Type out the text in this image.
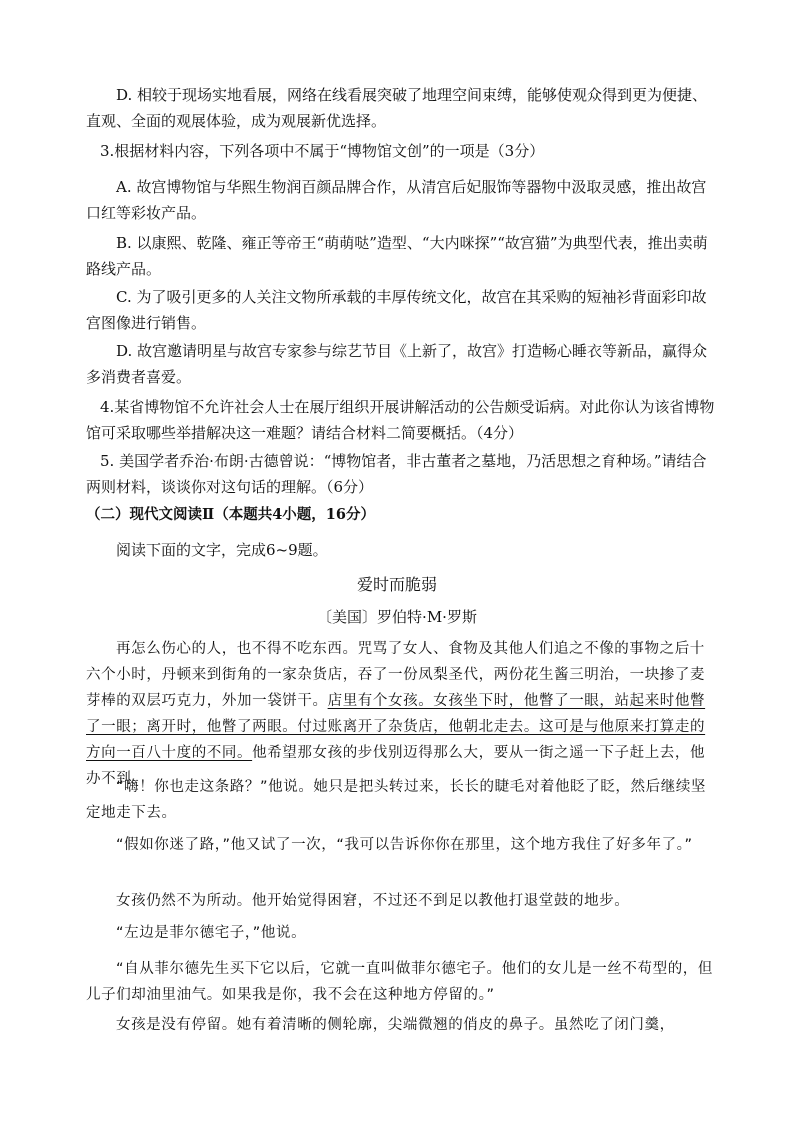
D. 相较于现场实地看展，网络在线看展突破了地理空间束缚，能够使观众得到更为便捷、直观、全面的观展体验，成为观展新优选择。

3.根据材料内容，下列各项中不属于“博物馆文创”的一项是（3分）

A. 故宫博物馆与华熙生物润百颜品牌合作，从清宫后妃服饰等器物中汲取灵感，推出故宫口红等彩妆产品。

B. 以康熙、乾隆、雍正等帝王“萌萌哒”造型、“大内咪探”“故宫猫”为典型代表，推出卖萌路线产品。

C. 为了吸引更多的人关注文物所承载的丰厚传统文化，故宫在其采购的短袖衫背面彩印故宫图像进行销售。

D. 故宫邀请明星与故宫专家参与综艺节目《上新了，故宫》打造畅心睡衣等新品，赢得众多消费者喜爱。

4.某省博物馆不允许社会人士在展厅组织开展讲解活动的公告颇受诟病。对此你认为该省博物馆可采取哪些举措解决这一难题？请结合材料二简要概括。（4分）

5. 美国学者乔治·布朗·古德曾说：“博物馆者，非古董者之墓地，乃活思想之育种场。”请结合两则材料，谈谈你对这句话的理解。（6分）

（二）现代文阅读Ⅱ（本题共4小题，16分）

阅读下面的文字，完成6~9题。

爱时而脆弱

〔美国〕罗伯特·M·罗斯

再怎么伤心的人，也不得不吃东西。咒骂了女人、食物及其他人们追之不像的事物之后十六个小时，丹顿来到街角的一家杂货店，吞了一份凤梨圣代，两份花生酱三明治，一块掺了麦芽棒的双层巧克力，外加一袋饼干。店里有个女孩。女孩坐下时，他瞥了一眼，站起来时他瞥了一眼；离开时，他瞥了两眼。付过账离开了杂货店，他朝北走去。这可是与他原来打算走的方向一百八十度的不同。他希望那女孩的步伐别迈得那么大，要从一街之遥一下子赶上去，他办不到。

“嗨！你也走这条路？”他说。她只是把头转过来，长长的睫毛对着他眨了眨，然后继续坚定地走下去。

“假如你迷了路，”他又试了一次，“我可以告诉你你在那里，这个地方我住了好多年了。”

女孩仍然不为所动。他开始觉得困窘，不过还不到足以教他打退堂鼓的地步。

“左边是菲尔德宅子，”他说。

“自从菲尔德先生买下它以后，它就一直叫做菲尔德宅子。他们的女儿是一丝不苟型的，但儿子们却油里油气。如果我是你，我不会在这种地方停留的。”

女孩是没有停留。她有着清晰的侧轮廓，尖端微翘的俏皮的鼻子。虽然吃了闭门羹，
